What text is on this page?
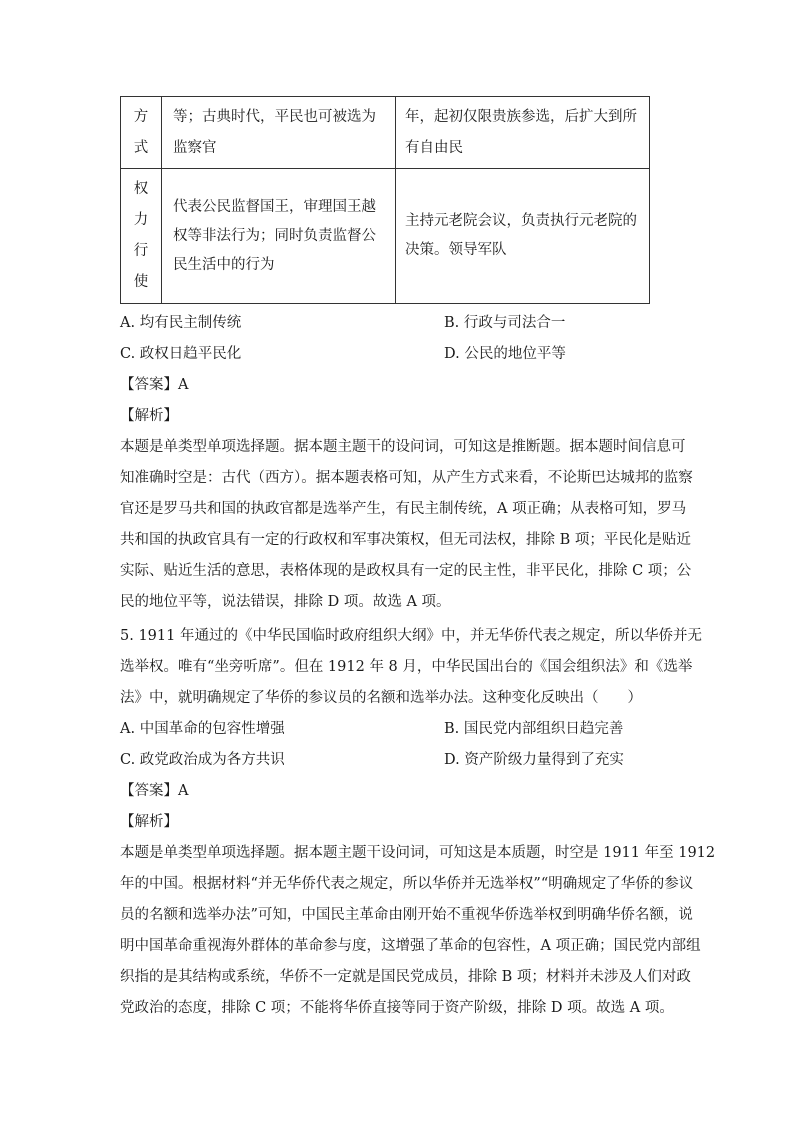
方
式	等；古典时代，平民也可被选为监察官	年，起初仅限贵族参选，后扩大到所有自由民

权
力
行
使	代表公民监督国王，审理国王越权等非法行为；同时负责监督公民生活中的行为	主持元老院会议，负责执行元老院的决策。领导军队
A. 均有民主制传统	B. 行政与司法合一
C. 政权日趋平民化	D. 公民的地位平等
【答案】A
【解析】
本题是单类型单项选择题。据本题主题干的设问词，可知这是推断题。据本题时间信息可
知准确时空是：古代（西方）。据本题表格可知，从产生方式来看，不论斯巴达城邦的监察
官还是罗马共和国的执政官都是选举产生，有民主制传统，A 项正确；从表格可知，罗马
共和国的执政官具有一定的行政权和军事决策权，但无司法权，排除 B 项；平民化是贴近
实际、贴近生活的意思，表格体现的是政权具有一定的民主性，非平民化，排除 C 项；公
民的地位平等，说法错误，排除 D 项。故选 A 项。
5. 1911 年通过的《中华民国临时政府组织大纲》中，并无华侨代表之规定，所以华侨并无
选举权。唯有“坐旁听席”。但在 1912 年 8 月，中华民国出台的《国会组织法》和《选举
法》中，就明确规定了华侨的参议员的名额和选举办法。这种变化反映出（　　）
A. 中国革命的包容性增强	B. 国民党内部组织日趋完善
C. 政党政治成为各方共识	D. 资产阶级力量得到了充实
【答案】A
【解析】
本题是单类型单项选择题。据本题主题干设问词，可知这是本质题，时空是 1911 年至 1912
年的中国。根据材料“并无华侨代表之规定，所以华侨并无选举权”“明确规定了华侨的参议
员的名额和选举办法”可知，中国民主革命由刚开始不重视华侨选举权到明确华侨名额，说
明中国革命重视海外群体的革命参与度，这增强了革命的包容性，A 项正确；国民党内部组
织指的是其结构或系统，华侨不一定就是国民党成员，排除 B 项；材料并未涉及人们对政
党政治的态度，排除 C 项；不能将华侨直接等同于资产阶级，排除 D 项。故选 A 项。
